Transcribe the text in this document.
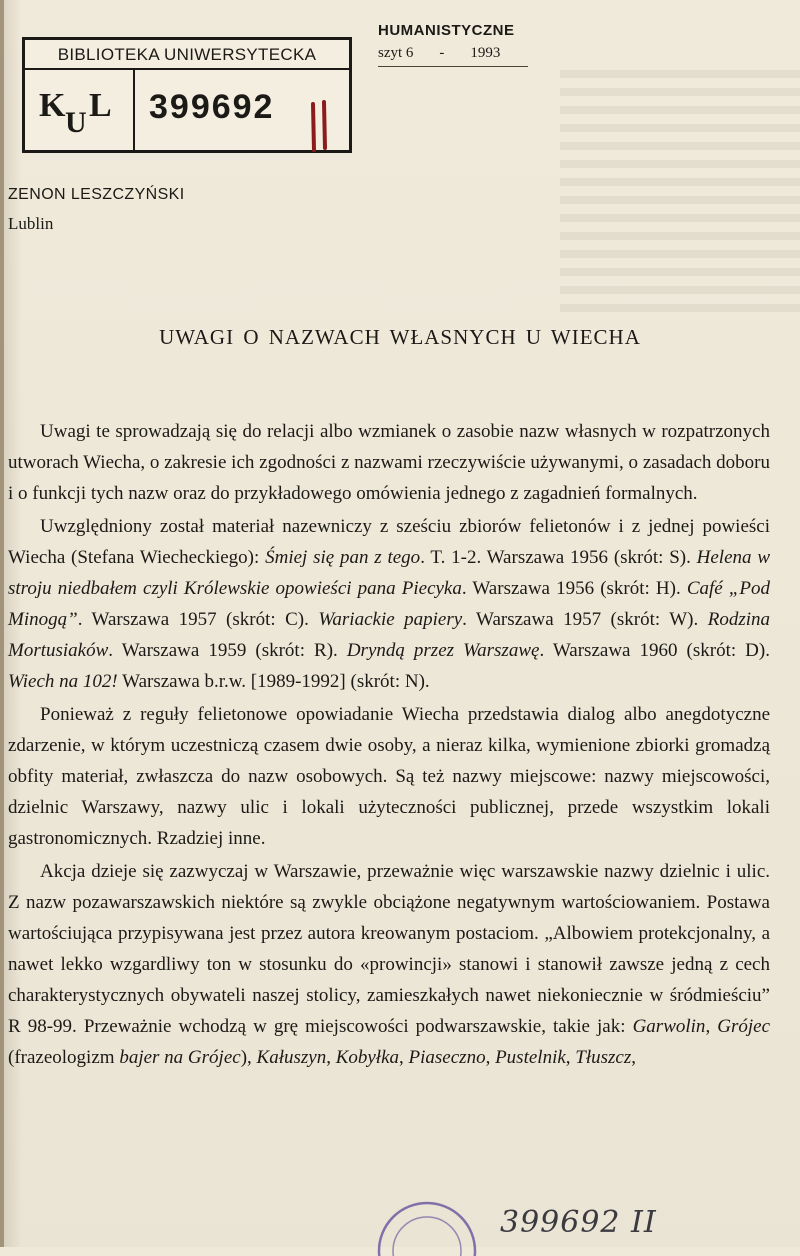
HUMANISTYCZNE
szyt 6 - 1993
BIBLIOTEKA UNIWERSYTECKA
K U L 399692
ZENON LESZCZYŃSKI
Lublin
UWAGI O NAZWACH WŁASNYCH U WIECHA

Uwagi te sprowadzają się do relacji albo wzmianek o zasobie nazw własnych w rozpatrzonych utworach Wiecha, o zakresie ich zgodności z nazwami rzeczywiście używanymi, o zasadach doboru i o funkcji tych nazw oraz do przykładowego omówienia jednego z zagadnień formalnych.

Uwzględniony został materiał nazewniczy z sześciu zbiorów felietonów i z jednej powieści Wiecha (Stefana Wiecheckiego): Śmiej się pan z tego. T. 1-2. Warszawa 1956 (skrót: S). Helena w stroju niedbałem czyli Królewskie opowieści pana Piecyka. Warszawa 1956 (skrót: H). Café „Pod Minogą”. Warszawa 1957 (skrót: C). Wariackie papiery. Warszawa 1957 (skrót: W). Rodzina Mortusiaków. Warszawa 1959 (skrót: R). Dryndą przez Warszawę. Warszawa 1960 (skrót: D). Wiech na 102! Warszawa b.r.w. [1989-1992] (skrót: N).

Ponieważ z reguły felietonowe opowiadanie Wiecha przedstawia dialog albo anegdotyczne zdarzenie, w którym uczestniczą czasem dwie osoby, a nieraz kilka, wymienione zbiorki gromadzą obfity materiał, zwłaszcza do nazw osobowych. Są też nazwy miejscowe: nazwy miejscowości, dzielnic Warszawy, nazwy ulic i lokali użyteczności publicznej, przede wszystkim lokali gastronomicznych. Rzadziej inne.

Akcja dzieje się zazwyczaj w Warszawie, przeważnie więc warszawskie nazwy dzielnic i ulic. Z nazw pozawarszawskich niektóre są zwykle obciążone negatywnym wartościowaniem. Postawa wartościująca przypisywana jest przez autora kreowanym postaciom. „Albowiem protekcjonalny, a nawet lekko wzgardliwy ton w stosunku do «prowincji» stanowi i stanowił zawsze jedną z cech charakterystycznych obywateli naszej stolicy, zamieszkałych nawet niekoniecznie w śródmieściu” R 98-99. Przeważnie wchodzą w grę miejscowości podwarszawskie, takie jak: Garwolin, Grójec (frazeologizm bajer na Grójec), Kałuszyn, Kobyłka, Piaseczno, Pustelnik, Tłuszcz,

399692 II
